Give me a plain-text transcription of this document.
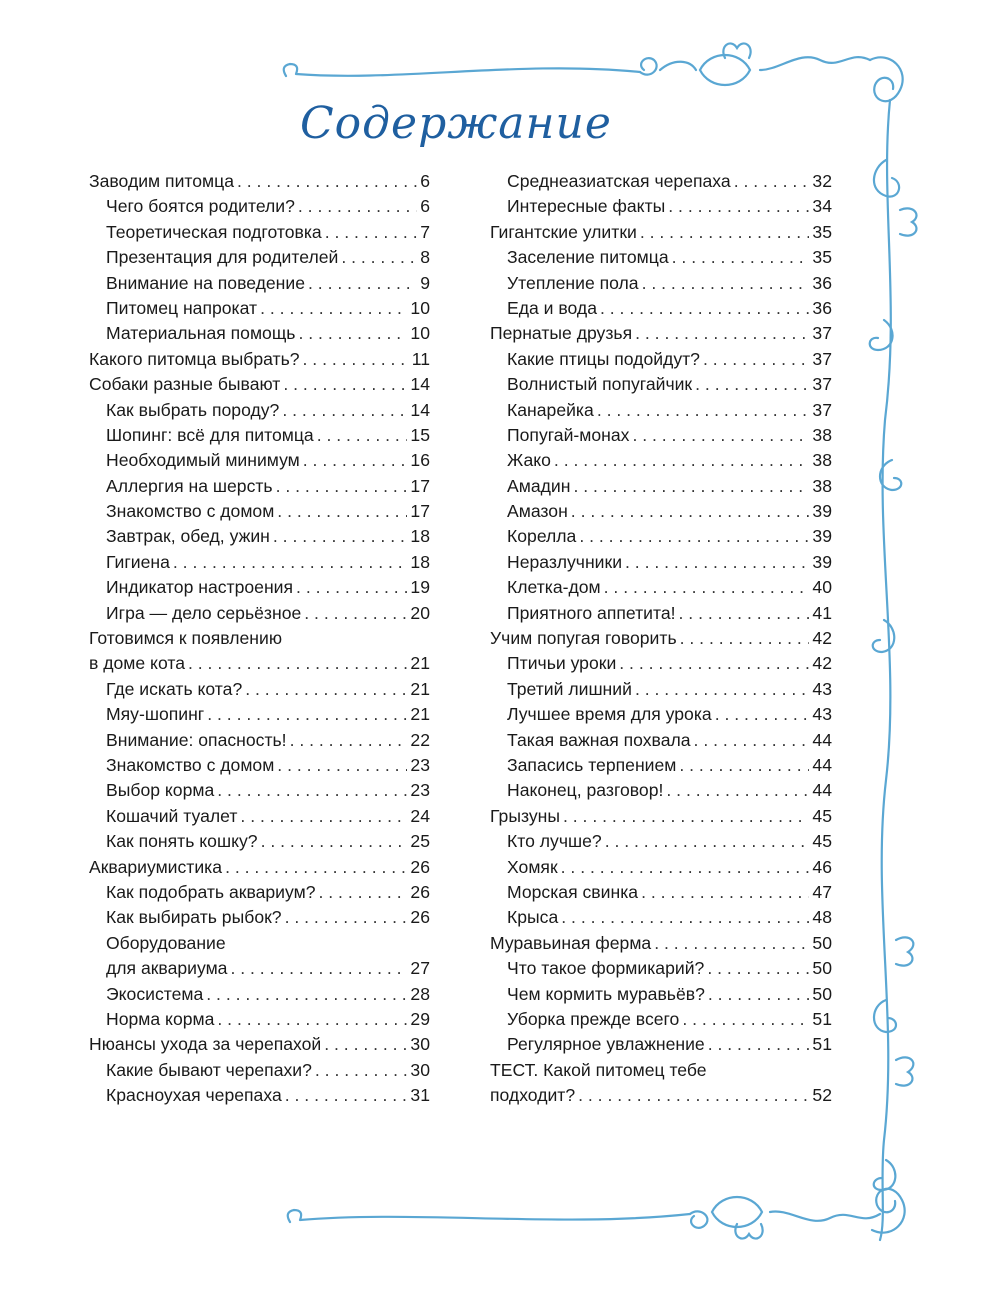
Содержание
Заводим питомца . . .	6
Чего боятся родители? . . .	6
Теоретическая подготовка . . .	7
Презентация для родителей . . .	8
Внимание на поведение . . .	9
Питомец напрокат . . .	10
Материальная помощь . . .	10
Какого питомца выбрать? . . .	11
Собаки разные бывают . . .	14
Как выбрать породу? . . .	14
Шопинг: всё для питомца . . .	15
Необходимый минимум . . .	16
Аллергия на шерсть . . .	17
Знакомство с домом . . .	17
Завтрак, обед, ужин . . .	18
Гигиена . . .	18
Индикатор настроения . . .	19
Игра — дело серьёзное . . .	20
Готовимся к появлению
в доме кота . . .	21
Где искать кота? . . .	21
Мяу-шопинг . . .	21
Внимание: опасность! . . .	22
Знакомство с домом . . .	23
Выбор корма . . .	23
Кошачий туалет . . .	24
Как понять кошку? . . .	25
Аквариумистика . . .	26
Как подобрать аквариум? . . .	26
Как выбирать рыбок? . . .	26
Оборудование
для аквариума . . .	27
Экосистема . . .	28
Норма корма . . .	29
Нюансы ухода за черепахой . . .	30
Какие бывают черепахи? . . .	30
Красноухая черепаха . . .	31
Среднеазиатская черепаха . . .	32
Интересные факты . . .	34
Гигантские улитки . . .	35
Заселение питомца . . .	35
Утепление пола . . .	36
Еда и вода . . .	36
Пернатые друзья . . .	37
Какие птицы подойдут? . . .	37
Волнистый попугайчик . . .	37
Канарейка . . .	37
Попугай-монах . . .	38
Жако . . .	38
Амадин . . .	38
Амазон . . .	39
Корелла . . .	39
Неразлучники . . .	39
Клетка-дом . . .	40
Приятного аппетита! . . .	41
Учим попугая говорить . . .	42
Птичьи уроки . . .	42
Третий лишний . . .	43
Лучшее время для урока . . .	43
Такая важная похвала . . .	44
Запасись терпением . . .	44
Наконец, разговор! . . .	44
Грызуны . . .	45
Кто лучше? . . .	45
Хомяк . . .	46
Морская свинка . . .	47
Крыса . . .	48
Муравьиная ферма . . .	50
Что такое формикарий? . . .	50
Чем кормить муравьёв? . . .	50
Уборка прежде всего . . .	51
Регулярное увлажнение . . .	51
ТЕСТ. Какой питомец тебе
подходит? . . .	52
